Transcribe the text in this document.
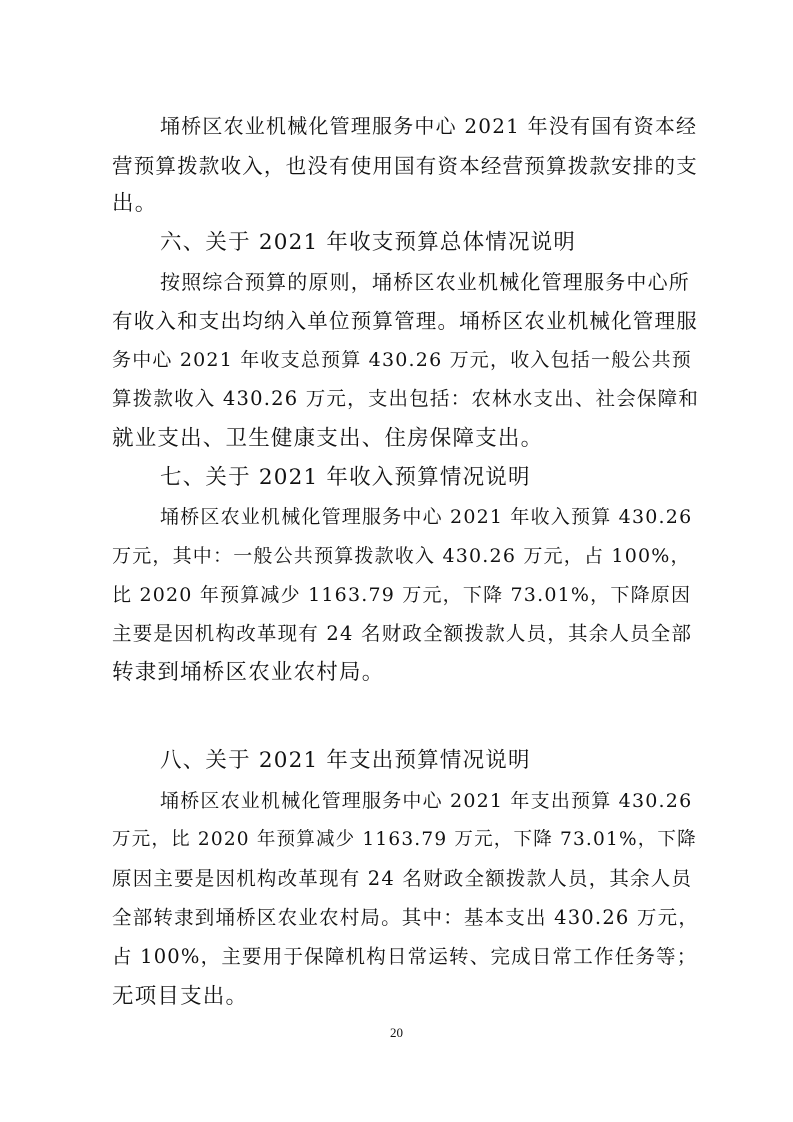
埇桥区农业机械化管理服务中心 2021 年没有国有资本经
营预算拨款收入，也没有使用国有资本经营预算拨款安排的支
出。
六、关于 2021 年收支预算总体情况说明
按照综合预算的原则，埇桥区农业机械化管理服务中心所
有收入和支出均纳入单位预算管理。埇桥区农业机械化管理服
务中心 2021 年收支总预算 430.26 万元，收入包括一般公共预
算拨款收入 430.26 万元，支出包括：农林水支出、社会保障和
就业支出、卫生健康支出、住房保障支出。
七、关于 2021 年收入预算情况说明
埇桥区农业机械化管理服务中心 2021 年收入预算 430.26
万元，其中：一般公共预算拨款收入 430.26 万元，占 100%，
比 2020 年预算减少 1163.79 万元，下降 73.01%，下降原因
主要是因机构改革现有 24 名财政全额拨款人员，其余人员全部
转隶到埇桥区农业农村局。
八、关于 2021 年支出预算情况说明
埇桥区农业机械化管理服务中心 2021 年支出预算 430.26
万元，比 2020 年预算减少 1163.79 万元，下降 73.01%，下降
原因主要是因机构改革现有 24 名财政全额拨款人员，其余人员
全部转隶到埇桥区农业农村局。其中：基本支出 430.26 万元，
占 100%，主要用于保障机构日常运转、完成日常工作任务等；
无项目支出。
20
